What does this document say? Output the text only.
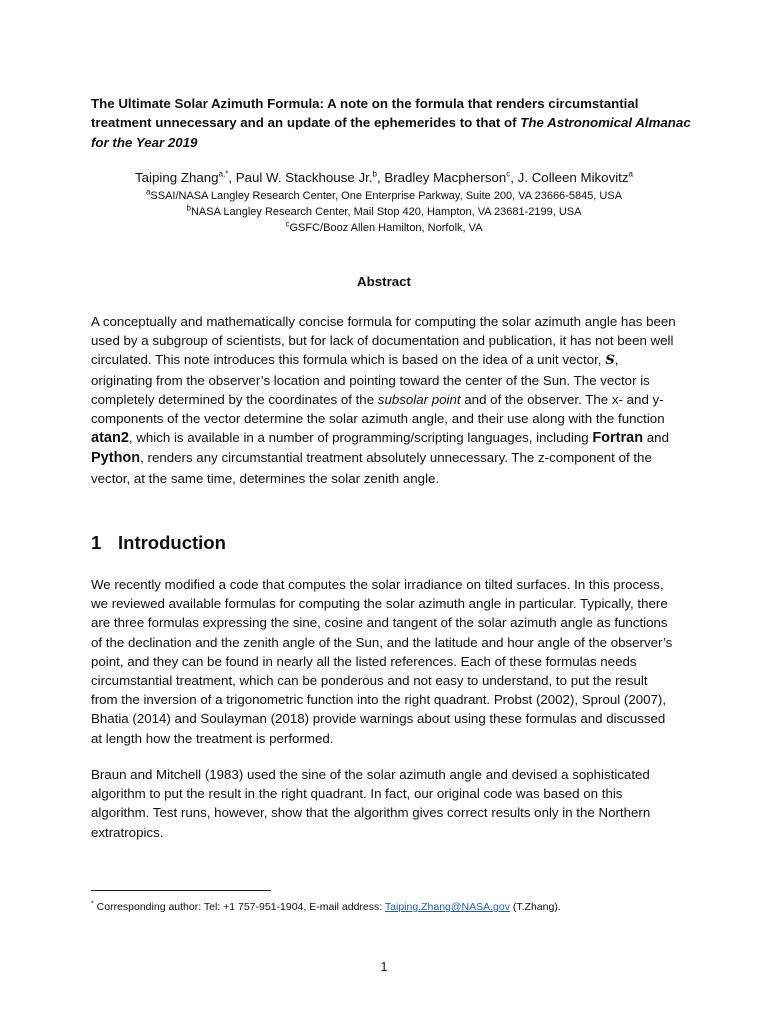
The Ultimate Solar Azimuth Formula: A note on the formula that renders circumstantial treatment unnecessary and an update of the ephemerides to that of The Astronomical Almanac for the Year 2019

Taiping Zhang$^{a,*}$, Paul W. Stackhouse Jr.$^b$, Bradley Macpherson$^c$, J. Colleen Mikovitz$^a$
$^a$SSAI/NASA Langley Research Center, One Enterprise Parkway, Suite 200, VA 23666-5845, USA
$^b$NASA Langley Research Center, Mail Stop 420, Hampton, VA 23681-2199, USA
$^c$GSFC/Booz Allen Hamilton, Norfolk, VA
Abstract

A conceptually and mathematically concise formula for computing the solar azimuth angle has been used by a subgroup of scientists, but for lack of documentation and publication, it has not been well circulated. This note introduces this formula which is based on the idea of a unit vector, S, originating from the observer’s location and pointing toward the center of the Sun. The vector is completely determined by the coordinates of the subsolar point and of the observer. The x- and y-components of the vector determine the solar azimuth angle, and their use along with the function atan2, which is available in a number of programming/scripting languages, including Fortran and Python, renders any circumstantial treatment absolutely unnecessary. The z-component of the vector, at the same time, determines the solar zenith angle.

1 Introduction

We recently modified a code that computes the solar irradiance on tilted surfaces. In this process, we reviewed available formulas for computing the solar azimuth angle in particular. Typically, there are three formulas expressing the sine, cosine and tangent of the solar azimuth angle as functions of the declination and the zenith angle of the Sun, and the latitude and hour angle of the observer’s point, and they can be found in nearly all the listed references. Each of these formulas needs circumstantial treatment, which can be ponderous and not easy to understand, to put the result from the inversion of a trigonometric function into the right quadrant. Probst (2002), Sproul (2007), Bhatia (2014) and Soulayman (2018) provide warnings about using these formulas and discussed at length how the treatment is performed.

Braun and Mitchell (1983) used the sine of the solar azimuth angle and devised a sophisticated algorithm to put the result in the right quadrant. In fact, our original code was based on this algorithm. Test runs, however, show that the algorithm gives correct results only in the Northern extratropics.

* Corresponding author: Tel: +1 757-951-1904, E-mail address: Taiping.Zhang@NASA.gov (T.Zhang).
1
